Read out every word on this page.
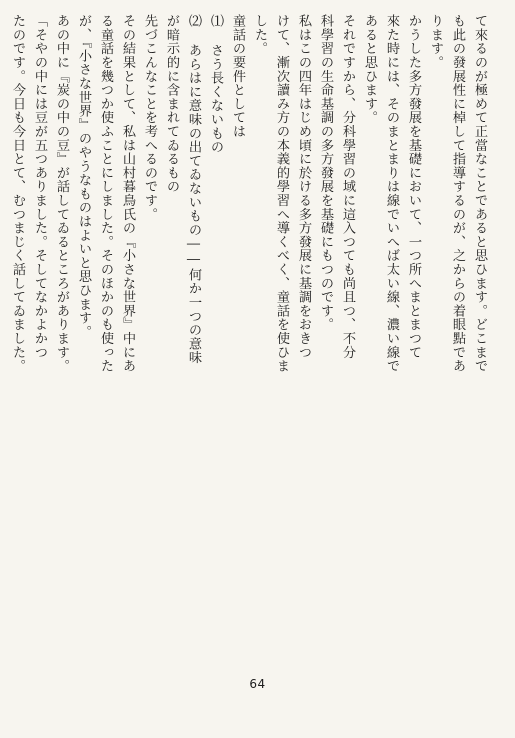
て來るのが極めて正當なことであると思ひます。どこまで
も此の發展性に棹して指導するのが、之からの着眼點であ
ります。
かうした多方發展を基礎において、一つ所へまとまつて
來た時には、そのまとまりは線でいへば太い線、濃い線で
あると思ひます。
それですから、分科學習の域に這入つても尚且つ、不分
科學習の生命基調の多方發展を基礎にもつのです。
私はこの四年はじめ頃に於ける多方發展に基調をおきつ
けて、漸次讀み方の本義的學習へ導くべく、童話を使ひま
した。
童話の要件としては
⑴ さう長くないもの
⑵ あらはに意味の出てゐないもの――何か一つの意味
が暗示的に含まれてゐるもの
先づこんなことを考へるのです。
その結果として、私は山村暮鳥氏の『小さな世界』中にあ
る童話を幾つか使ふことにしました。そのほかのも使った
が、『小さな世界』のやうなものはよいと思ひます。
あの中に『炭の中の豆』が話してゐるところがあります。
「そやの中には豆が五つありました。そしてなかよかつ
たのです。今日も今日とて、むつまじく話してゐました。
64
